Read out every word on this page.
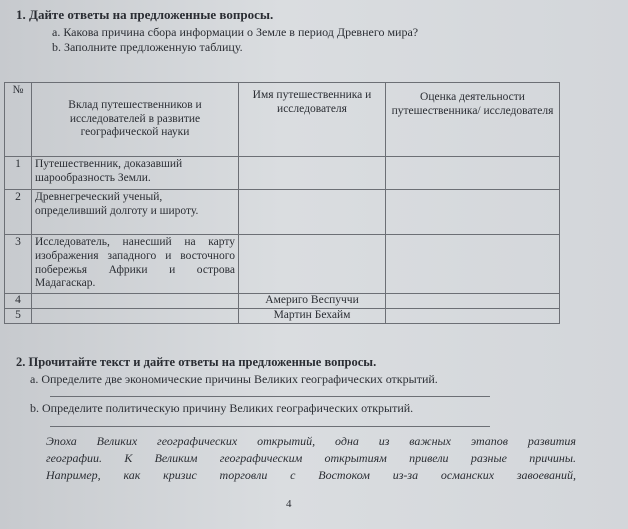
1. Дайте ответы на предложенные вопросы.
a. Какова причина сбора информации о Земле в период Древнего мира?
b. Заполните предложенную таблицу.
№	Вклад путешественников и исследователей в развитие географической науки	Имя путешественника и исследователя	Оценка деятельности путешественника/ исследователя
1	Путешественник, доказавший шарообразность Земли.		
2	Древнегреческий ученый, определивший долготу и широту.		
3	Исследователь, нанесший на карту изображения западного и восточного побережья Африки и острова Мадагаскар.		
4		Америго Веспуччи	
5		Мартин Бехайм	
2. Прочитайте текст и дайте ответы на предложенные вопросы.
a. Определите две экономические причины Великих географических открытий.
b. Определите политическую причину Великих географических открытий.
Эпоха Великих географических открытий, одна из важных этапов развития
географии. К Великим географическим открытиям привели разные причины.
Например, как кризис торговли с Востоком из-за османских завоеваний,
4
